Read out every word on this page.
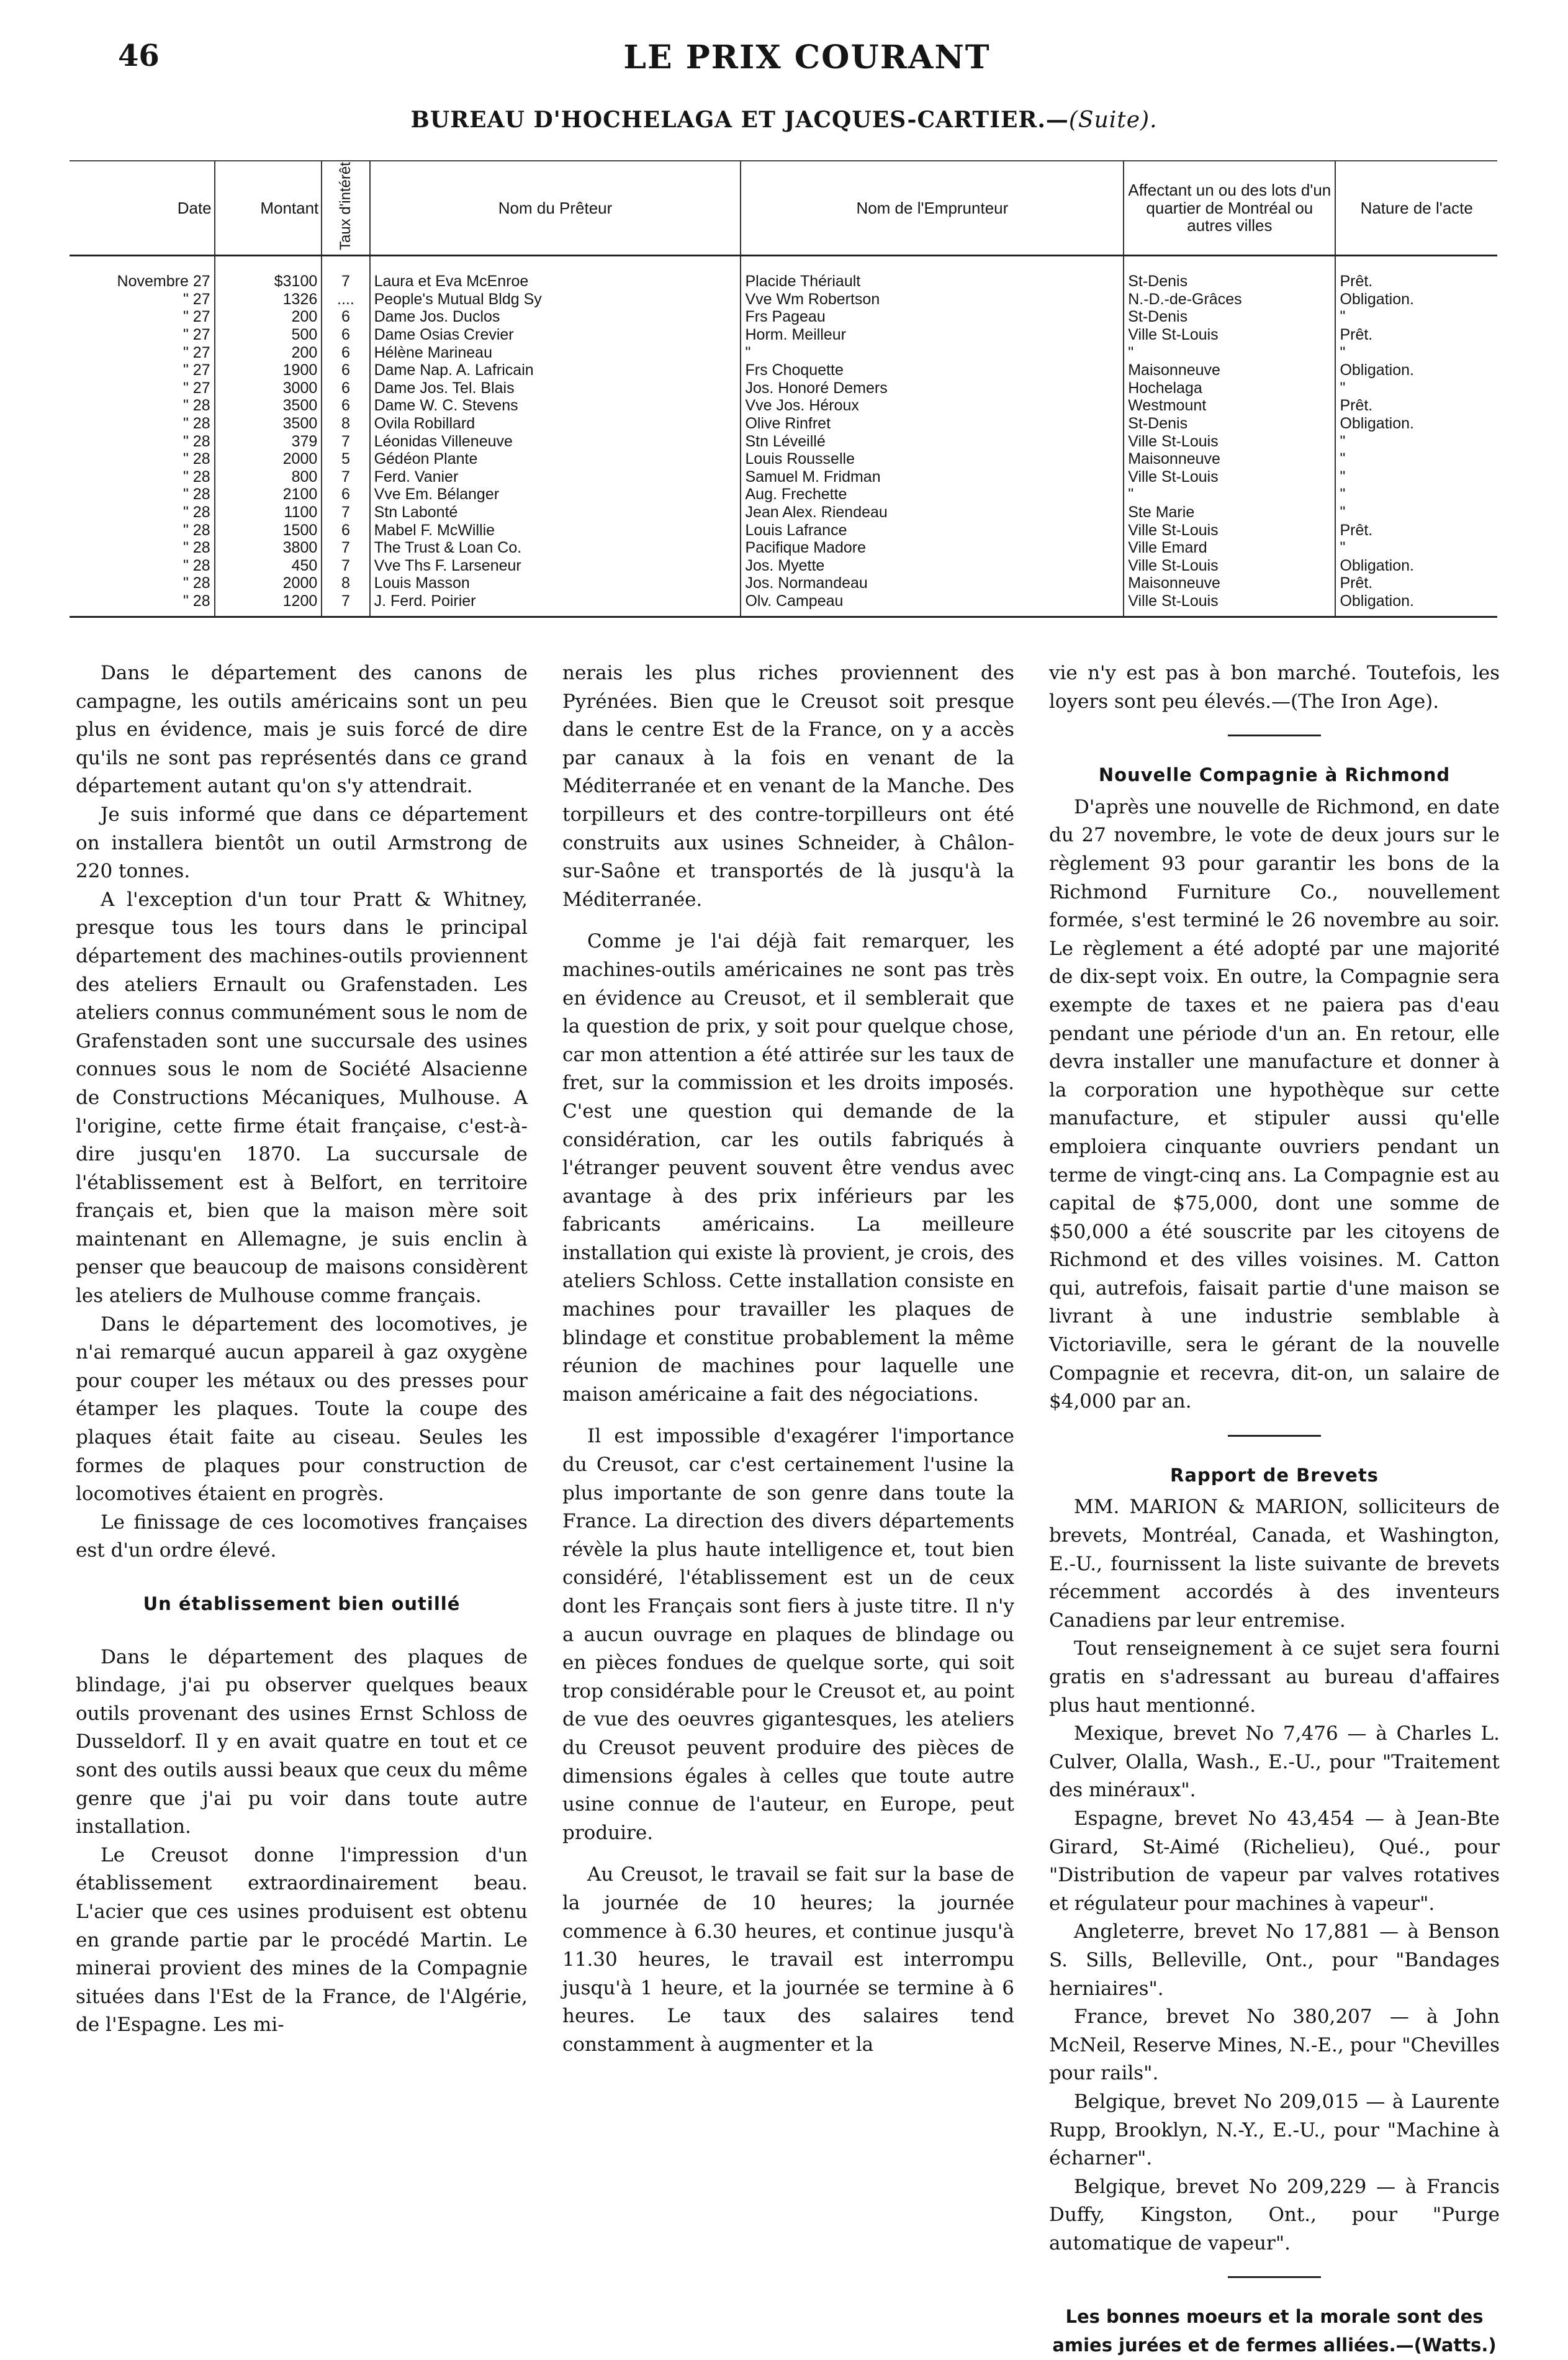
46	LE PRIX COURANT
BUREAU D'HOCHELAGA ET JACQUES-CARTIER.—(Suite).
Date	Montant	Taux d'intérêt	Nom du Prêteur	Nom de l'Emprunteur	Affectant un ou des lots d'un quartier de Montréal ou autres villes	Nature de l'acte
Novembre 27	$3100	7	Laura et Eva McEnroe	Placide Thériault	St-Denis	Prêt.
" 27	1326	....	People's Mutual Bldg Sy	Vve Wm Robertson	N.-D.-de-Grâces	Obligation.
" 27	200	6	Dame Jos. Duclos	Frs Pageau	St-Denis	"
" 27	500	6	Dame Osias Crevier	Horm. Meilleur	Ville St-Louis	Prêt.
" 27	200	6	Hélène Marineau	"	"	"
" 27	1900	6	Dame Nap. A. Lafricain	Frs Choquette	Maisonneuve	Obligation.
" 27	3000	6	Dame Jos. Tel. Blais	Jos. Honoré Demers	Hochelaga	"
" 28	3500	6	Dame W. C. Stevens	Vve Jos. Héroux	Westmount	Prêt.
" 28	3500	8	Ovila Robillard	Olive Rinfret	St-Denis	Obligation.
" 28	379	7	Léonidas Villeneuve	Stn Léveillé	Ville St-Louis	"
" 28	2000	5	Gédéon Plante	Louis Rousselle	Maisonneuve	"
" 28	800	7	Ferd. Vanier	Samuel M. Fridman	Ville St-Louis	"
" 28	2100	6	Vve Em. Bélanger	Aug. Frechette	"	"
" 28	1100	7	Stn Labonté	Jean Alex. Riendeau	Ste Marie	"
" 28	1500	6	Mabel F. McWillie	Louis Lafrance	Ville St-Louis	Prêt.
" 28	3800	7	The Trust & Loan Co.	Pacifique Madore	Ville Emard	"
" 28	450	7	Vve Ths F. Larseneur	Jos. Myette	Ville St-Louis	Obligation.
" 28	2000	8	Louis Masson	Jos. Normandeau	Maisonneuve	Prêt.
" 28	1200	7	J. Ferd. Poirier	Olv. Campeau	Ville St-Louis	Obligation.

Dans le département des canons de campagne, les outils américains sont un peu plus en évidence, mais je suis forcé de dire qu'ils ne sont pas représentés dans ce grand département autant qu'on s'y attendrait.

Je suis informé que dans ce département on installera bientôt un outil Armstrong de 220 tonnes.

A l'exception d'un tour Pratt & Whitney, presque tous les tours dans le principal département des machines-outils proviennent des ateliers Ernault ou Grafenstaden. Les ateliers connus communément sous le nom de Grafenstaden sont une succursale des usines connues sous le nom de Société Alsacienne de Constructions Mécaniques, Mulhouse. A l'origine, cette firme était française, c'est-à-dire jusqu'en 1870. La succursale de l'établissement est à Belfort, en territoire français et, bien que la maison mère soit maintenant en Allemagne, je suis enclin à penser que beaucoup de maisons considèrent les ateliers de Mulhouse comme français.

Dans le département des locomotives, je n'ai remarqué aucun appareil à gaz oxygène pour couper les métaux ou des presses pour étamper les plaques. Toute la coupe des plaques était faite au ciseau. Seules les formes de plaques pour construction de locomotives étaient en progrès.

Le finissage de ces locomotives françaises est d'un ordre élevé.

Un établissement bien outillé

Dans le département des plaques de blindage, j'ai pu observer quelques beaux outils provenant des usines Ernst Schloss de Dusseldorf. Il y en avait quatre en tout et ce sont des outils aussi beaux que ceux du même genre que j'ai pu voir dans toute autre installation.

Le Creusot donne l'impression d'un établissement extraordinairement beau. L'acier que ces usines produisent est obtenu en grande partie par le procédé Martin. Le minerai provient des mines de la Compagnie situées dans l'Est de la France, de l'Algérie, de l'Espagne. Les mi-

nerais les plus riches proviennent des Pyrénées. Bien que le Creusot soit presque dans le centre Est de la France, on y a accès par canaux à la fois en venant de la Méditerranée et en venant de la Manche. Des torpilleurs et des contre-torpilleurs ont été construits aux usines Schneider, à Châlon-sur-Saône et transportés de là jusqu'à la Méditerranée.

Comme je l'ai déjà fait remarquer, les machines-outils américaines ne sont pas très en évidence au Creusot, et il semblerait que la question de prix, y soit pour quelque chose, car mon attention a été attirée sur les taux de fret, sur la commission et les droits imposés. C'est une question qui demande de la considération, car les outils fabriqués à l'étranger peuvent souvent être vendus avec avantage à des prix inférieurs par les fabricants américains. La meilleure installation qui existe là provient, je crois, des ateliers Schloss. Cette installation consiste en machines pour travailler les plaques de blindage et constitue probablement la même réunion de machines pour laquelle une maison américaine a fait des négociations.

Il est impossible d'exagérer l'importance du Creusot, car c'est certainement l'usine la plus importante de son genre dans toute la France. La direction des divers départements révèle la plus haute intelligence et, tout bien considéré, l'établissement est un de ceux dont les Français sont fiers à juste titre. Il n'y a aucun ouvrage en plaques de blindage ou en pièces fondues de quelque sorte, qui soit trop considérable pour le Creusot et, au point de vue des oeuvres gigantesques, les ateliers du Creusot peuvent produire des pièces de dimensions égales à celles que toute autre usine connue de l'auteur, en Europe, peut produire.

Au Creusot, le travail se fait sur la base de la journée de 10 heures; la journée commence à 6.30 heures, et continue jusqu'à 11.30 heures, le travail est interrompu jusqu'à 1 heure, et la journée se termine à 6 heures. Le taux des salaires tend constamment à augmenter et la

vie n'y est pas à bon marché. Toutefois, les loyers sont peu élevés.—(The Iron Age).

Nouvelle Compagnie à Richmond

D'après une nouvelle de Richmond, en date du 27 novembre, le vote de deux jours sur le règlement 93 pour garantir les bons de la Richmond Furniture Co., nouvellement formée, s'est terminé le 26 novembre au soir. Le règlement a été adopté par une majorité de dix-sept voix. En outre, la Compagnie sera exempte de taxes et ne paiera pas d'eau pendant une période d'un an. En retour, elle devra installer une manufacture et donner à la corporation une hypothèque sur cette manufacture, et stipuler aussi qu'elle emploiera cinquante ouvriers pendant un terme de vingt-cinq ans. La Compagnie est au capital de $75,000, dont une somme de $50,000 a été souscrite par les citoyens de Richmond et des villes voisines. M. Catton qui, autrefois, faisait partie d'une maison se livrant à une industrie semblable à Victoriaville, sera le gérant de la nouvelle Compagnie et recevra, dit-on, un salaire de $4,000 par an.

Rapport de Brevets

MM. MARION & MARION, solliciteurs de brevets, Montréal, Canada, et Washington, E.-U., fournissent la liste suivante de brevets récemment accordés à des inventeurs Canadiens par leur entremise.

Tout renseignement à ce sujet sera fourni gratis en s'adressant au bureau d'affaires plus haut mentionné.

Mexique, brevet No 7,476 — à Charles L. Culver, Olalla, Wash., E.-U., pour "Traitement des minéraux".

Espagne, brevet No 43,454 — à Jean-Bte Girard, St-Aimé (Richelieu), Qué., pour "Distribution de vapeur par valves rotatives et régulateur pour machines à vapeur".

Angleterre, brevet No 17,881 — à Benson S. Sills, Belleville, Ont., pour "Bandages herniaires".

France, brevet No 380,207 — à John McNeil, Reserve Mines, N.-E., pour "Chevilles pour rails".

Belgique, brevet No 209,015 — à Laurente Rupp, Brooklyn, N.-Y., E.-U., pour "Machine à écharner".

Belgique, brevet No 209,229 — à Francis Duffy, Kingston, Ont., pour "Purge automatique de vapeur".

Les bonnes moeurs et la morale sont des amies jurées et de fermes alliées.—(Watts.)
